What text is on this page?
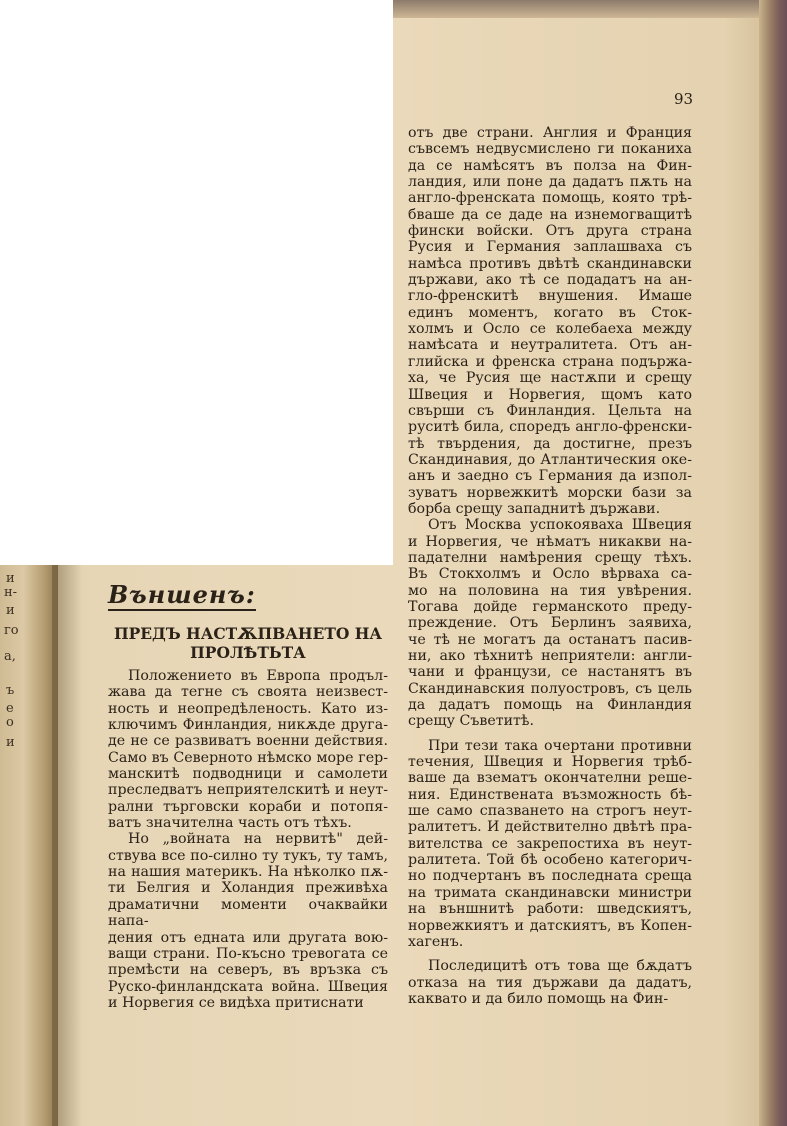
и
н-
и
го
а,
ъ
е
о
и
93
Външенъ:
ПРЕДЪ НАСТѪПВАНЕТО НА
ПРОЛѢТЬТА

Положението въ Европа продъл-
жава да тегне съ своята неизвест-
ность и неопредѣленость. Като из-
ключимъ Финландия, никѫде друга-
де не се развиватъ военни действия.
Само въ Северното нѣмско море гер-
манскитѣ подводници и самолети
преследватъ неприятелскитѣ и неут-
рални търговски кораби и потопя-
ватъ значителна часть отъ тѣхъ.

Но „войната на нервитѣ" дей-
ствува все по-силно ту тукъ, ту тамъ,
на нашия материкъ. На нѣколко пѫ-
ти Белгия и Холандия преживѣха
драматични моменти очаквайки напа-
дения отъ едната или другата вою-
ващи страни. По-късно тревогата се
премѣсти на северъ, въ връзка съ
Руско-финландската война. Швеция
и Норвегия се видѣха притиснати

отъ две страни. Англия и Франция
съвсемъ недвусмислено ги поканиха
да се намѣсятъ въ полза на Фин-
ландия, или поне да дадатъ пѫть на
англо-френската помощь, която трѣ-
бваше да се даде на изнемогващитѣ
фински войски. Отъ друга страна
Русия и Германия заплашваха съ
намѣса противъ двѣтѣ скандинавски
държави, ако тѣ се подадатъ на ан-
гло-френскитѣ внушения. Имаше
единъ моментъ, когато въ Сток-
холмъ и Осло се колебаеха между
намѣсата и неутралитета. Отъ ан-
глийска и френска страна подържа-
ха, че Русия ще настѫпи и срещу
Швеция и Норвегия, щомъ като
свърши съ Финландия. Цельта на
руситѣ била, споредъ англо-френски-
тѣ твърдения, да достигне, презъ
Скандинавия, до Атлантическия оке-
анъ и заедно съ Германия да изпол-
зуватъ норвежкитѣ морски бази за
борба срещу западнитѣ държави.

Отъ Москва успокояваха Швеция
и Норвегия, че нѣматъ никакви на-
падателни намѣрения срещу тѣхъ.
Въ Стокхолмъ и Осло вѣрваха са-
мо на половина на тия увѣрения.
Тогава дойде германското преду-
преждение. Отъ Берлинъ заявиха,
че тѣ не могатъ да останатъ пасив-
ни, ако тѣхнитѣ неприятели: англи-
чани и французи, се настанятъ въ
Скандинавския полуостровъ, съ цель
да дадатъ помощь на Финландия
срещу Съветитѣ.

При тези така очертани противни
течения, Швеция и Норвегия трѣб-
ваше да взематъ окончателни реше-
ния. Единствената възможность бѣ-
ше само спазването на строгъ неут-
ралитетъ. И действително двѣтѣ пра-
вителства се закрепостиха въ неут-
ралитета. Той бѣ особено категорич-
но подчертанъ въ последната среща
на тримата скандинавски министри
на външнитѣ работи: шведскиятъ,
норвежкиятъ и датскиятъ, въ Копен-
хагенъ.

Последицитѣ отъ това ще бѫдатъ
отказа на тия държави да дадатъ,
каквато и да било помощь на Фин-
